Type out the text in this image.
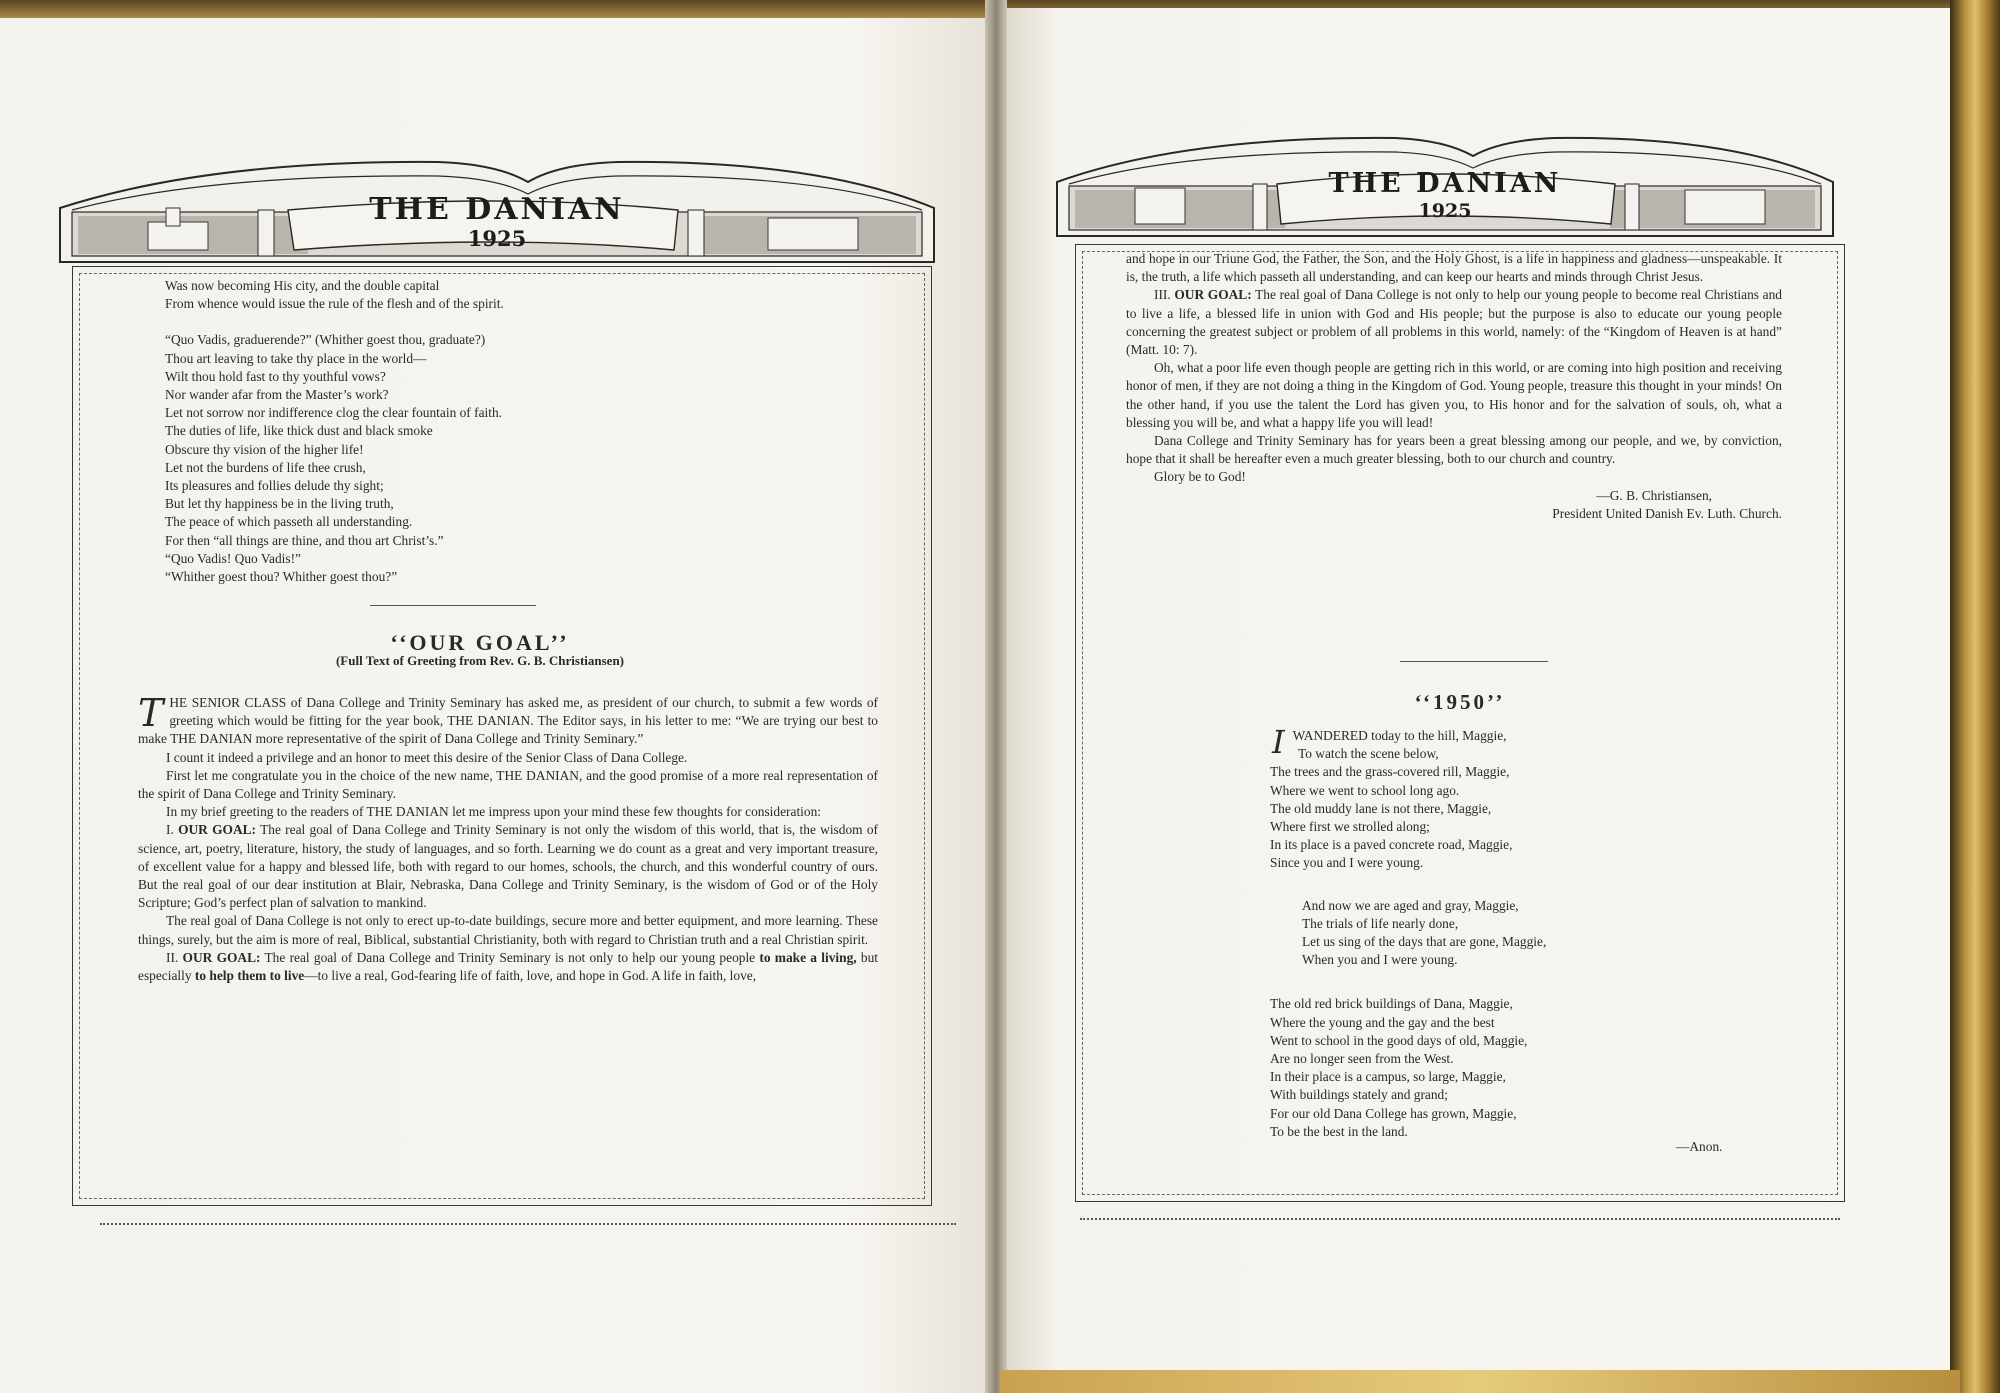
THE DANIAN
1925

Was now becoming His city, and the double capital

From whence would issue the rule of the flesh and of the spirit.

“Quo Vadis, graduerende?” (Whither goest thou, graduate?)

Thou art leaving to take thy place in the world—

Wilt thou hold fast to thy youthful vows?

Nor wander afar from the Master’s work?

Let not sorrow nor indifference clog the clear fountain of faith.

The duties of life, like thick dust and black smoke

Obscure thy vision of the higher life!

Let not the burdens of life thee crush,

Its pleasures and follies delude thy sight;

But let thy happiness be in the living truth,

The peace of which passeth all understanding.

For then “all things are thine, and thou art Christ’s.”

“Quo Vadis! Quo Vadis!”

“Whither goest thou? Whither goest thou?”

‘‘OUR GOAL’’

(Full Text of Greeting from Rev. G. B. Christiansen)

THE SENIOR CLASS of Dana College and Trinity Seminary has asked me, as president of our church, to submit a few words of greeting which would be fitting for the year book, THE DANIAN. The Editor says, in his letter to me: “We are trying our best to make THE DANIAN more representative of the spirit of Dana College and Trinity Seminary.”

I count it indeed a privilege and an honor to meet this desire of the Senior Class of Dana College.

First let me congratulate you in the choice of the new name, THE DANIAN, and the good promise of a more real representation of the spirit of Dana College and Trinity Seminary.

In my brief greeting to the readers of THE DANIAN let me impress upon your mind these few thoughts for consideration:

I. OUR GOAL: The real goal of Dana College and Trinity Seminary is not only the wisdom of this world, that is, the wisdom of science, art, poetry, literature, history, the study of languages, and so forth. Learning we do count as a great and very important treasure, of excellent value for a happy and blessed life, both with regard to our homes, schools, the church, and this wonderful country of ours. But the real goal of our dear institution at Blair, Nebraska, Dana College and Trinity Seminary, is the wisdom of God or of the Holy Scripture; God’s perfect plan of salvation to mankind.

The real goal of Dana College is not only to erect up-to-date buildings, secure more and better equipment, and more learning. These things, surely, but the aim is more of real, Biblical, substantial Christianity, both with regard to Christian truth and a real Christian spirit.

II. OUR GOAL: The real goal of Dana College and Trinity Seminary is not only to help our young people to make a living, but especially to help them to live—to live a real, God-fearing life of faith, love, and hope in God. A life in faith, love,

THE DANIAN
1925

and hope in our Triune God, the Father, the Son, and the Holy Ghost, is a life in happiness and gladness—unspeakable. It is, the truth, a life which passeth all understanding, and can keep our hearts and minds through Christ Jesus.

III. OUR GOAL: The real goal of Dana College is not only to help our young people to become real Christians and to live a life, a blessed life in union with God and His people; but the purpose is also to educate our young people concerning the greatest subject or problem of all problems in this world, namely: of the “Kingdom of Heaven is at hand” (Matt. 10: 7).

Oh, what a poor life even though people are getting rich in this world, or are coming into high position and receiving honor of men, if they are not doing a thing in the Kingdom of God. Young people, treasure this thought in your minds! On the other hand, if you use the talent the Lord has given you, to His honor and for the salvation of souls, oh, what a blessing you will be, and what a happy life you will lead!

Dana College and Trinity Seminary has for years been a great blessing among our people, and we, by conviction, hope that it shall be hereafter even a much greater blessing, both to our church and country.

Glory be to God!

—G. B. Christiansen,

President United Danish Ev. Luth. Church.

‘‘1950’’

IWANDERED today to the hill, Maggie,

To watch the scene below,

The trees and the grass-covered rill, Maggie,

Where we went to school long ago.

The old muddy lane is not there, Maggie,

Where first we strolled along;

In its place is a paved concrete road, Maggie,

Since you and I were young.

And now we are aged and gray, Maggie,

The trials of life nearly done,

Let us sing of the days that are gone, Maggie,

When you and I were young.

The old red brick buildings of Dana, Maggie,

Where the young and the gay and the best

Went to school in the good days of old, Maggie,

Are no longer seen from the West.

In their place is a campus, so large, Maggie,

With buildings stately and grand;

For our old Dana College has grown, Maggie,

To be the best in the land.

—Anon.
